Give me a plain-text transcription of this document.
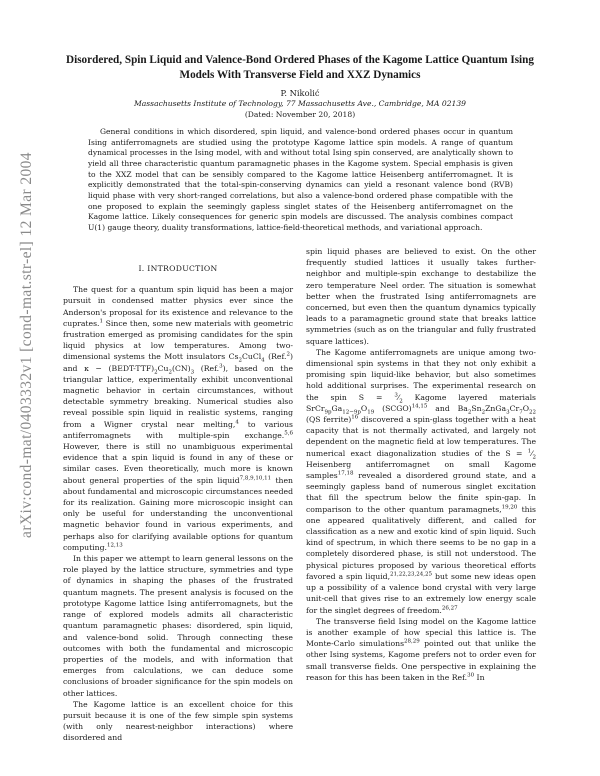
arXiv:cond-mat/0403332v1 [cond-mat.str-el] 12 Mar 2004
Disordered, Spin Liquid and Valence-Bond Ordered Phases of the Kagome Lattice Quantum Ising Models With Transverse Field and XXZ Dynamics
P. Nikolić
Massachusetts Institute of Technology, 77 Massachusetts Ave., Cambridge, MA 02139
(Dated: November 20, 2018)

General conditions in which disordered, spin liquid, and valence-bond ordered phases occur in quantum Ising antiferromagnets are studied using the prototype Kagome lattice spin models. A range of quantum dynamical processes in the Ising model, with and without total Ising spin conserved, are analytically shown to yield all three characteristic quantum paramagnetic phases in the Kagome system. Special emphasis is given to the XXZ model that can be sensibly compared to the Kagome lattice Heisenberg antiferromagnet. It is explicitly demonstrated that the total-spin-conserving dynamics can yield a resonant valence bond (RVB) liquid phase with very short-ranged correlations, but also a valence-bond ordered phase compatible with the one proposed to explain the seemingly gapless singlet states of the Heisenberg antiferromagnet on the Kagome lattice. Likely consequences for generic spin models are discussed. The analysis combines compact U(1) gauge theory, duality transformations, lattice-field-theoretical methods, and variational approach.

I. INTRODUCTION

The quest for a quantum spin liquid has been a major pursuit in condensed matter physics ever since the Anderson's proposal for its existence and relevance to the cuprates.$^1$ Since then, some new materials with geometric frustration emerged as promising candidates for the spin liquid physics at low temperatures. Among two-dimensional systems the Mott insulators $Cs_2CuCl_4$ (Ref.$^2$) and $\kappa - (BEDT-TTF)_2Cu_2(CN)_3$ (Ref.$^3$), based on the triangular lattice, experimentally exhibit unconventional magnetic behavior in certain circumstances, without detectable symmetry breaking. Numerical studies also reveal possible spin liquid in realistic systems, ranging from a Wigner crystal near melting,$^4$ to various antiferromagnets with multiple-spin exchange.$^{5,6}$ However, there is still no unambiguous experimental evidence that a spin liquid is found in any of these or similar cases. Even theoretically, much more is known about general properties of the spin liquid$^{7,8,9,10,11}$ then about fundamental and microscopic circumstances needed for its realization. Gaining more microscopic insight can only be useful for understanding the unconventional magnetic behavior found in various experiments, and perhaps also for clarifying available options for quantum computing.$^{12,13}$

In this paper we attempt to learn general lessons on the role played by the lattice structure, symmetries and type of dynamics in shaping the phases of the frustrated quantum magnets. The present analysis is focused on the prototype Kagome lattice Ising antiferromagnets, but the range of explored models admits all characteristic quantum paramagnetic phases: disordered, spin liquid, and valence-bond solid. Through connecting these outcomes with both the fundamental and microscopic properties of the models, and with information that emerges from calculations, we can deduce some conclusions of broader significance for the spin models on other lattices.

The Kagome lattice is an excellent choice for this pursuit because it is one of the few simple spin systems (with only nearest-neighbor interactions) where disordered and

spin liquid phases are believed to exist. On the other frequently studied lattices it usually takes further-neighbor and multiple-spin exchange to destabilize the zero temperature Neel order. The situation is somewhat better when the frustrated Ising antiferromagnets are concerned, but even then the quantum dynamics typically leads to a paramagnetic ground state that breaks lattice symmetries (such as on the triangular and fully frustrated square lattices).

The Kagome antiferromagnets are unique among two-dimensional spin systems in that they not only exhibit a promising spin liquid-like behavior, but also sometimes hold additional surprises. The experimental research on the spin $S = ^3⁄_2$ Kagome layered materials $SrCr_{9p}Ga_{12-9p}O_{19}$ (SCGO)$^{14,15}$ and $Ba_2Sn_2ZnGa_3Cr_7O_{22}$ (QS ferrite)$^{16}$ discovered a spin-glass together with a heat capacity that is not thermally activated, and largely not dependent on the magnetic field at low temperatures. The numerical exact diagonalization studies of the $S = ^1⁄_2$ Heisenberg antiferromagnet on small Kagome samples$^{17,18}$ revealed a disordered ground state, and a seemingly gapless band of numerous singlet excitation that fill the spectrum below the finite spin-gap. In comparison to the other quantum paramagnets,$^{19,20}$ this one appeared qualitatively different, and called for classification as a new and exotic kind of spin liquid. Such kind of spectrum, in which there seems to be no gap in a completely disordered phase, is still not understood. The physical pictures proposed by various theoretical efforts favored a spin liquid,$^{21,22,23,24,25}$ but some new ideas open up a possibility of a valence bond crystal with very large unit-cell that gives rise to an extremely low energy scale for the singlet degrees of freedom.$^{26,27}$

The transverse field Ising model on the Kagome lattice is another example of how special this lattice is. The Monte-Carlo simulations$^{28,29}$ pointed out that unlike the other Ising systems, Kagome prefers not to order even for small transverse fields. One perspective in explaining the reason for this has been taken in the Ref.$^{30}$ In
